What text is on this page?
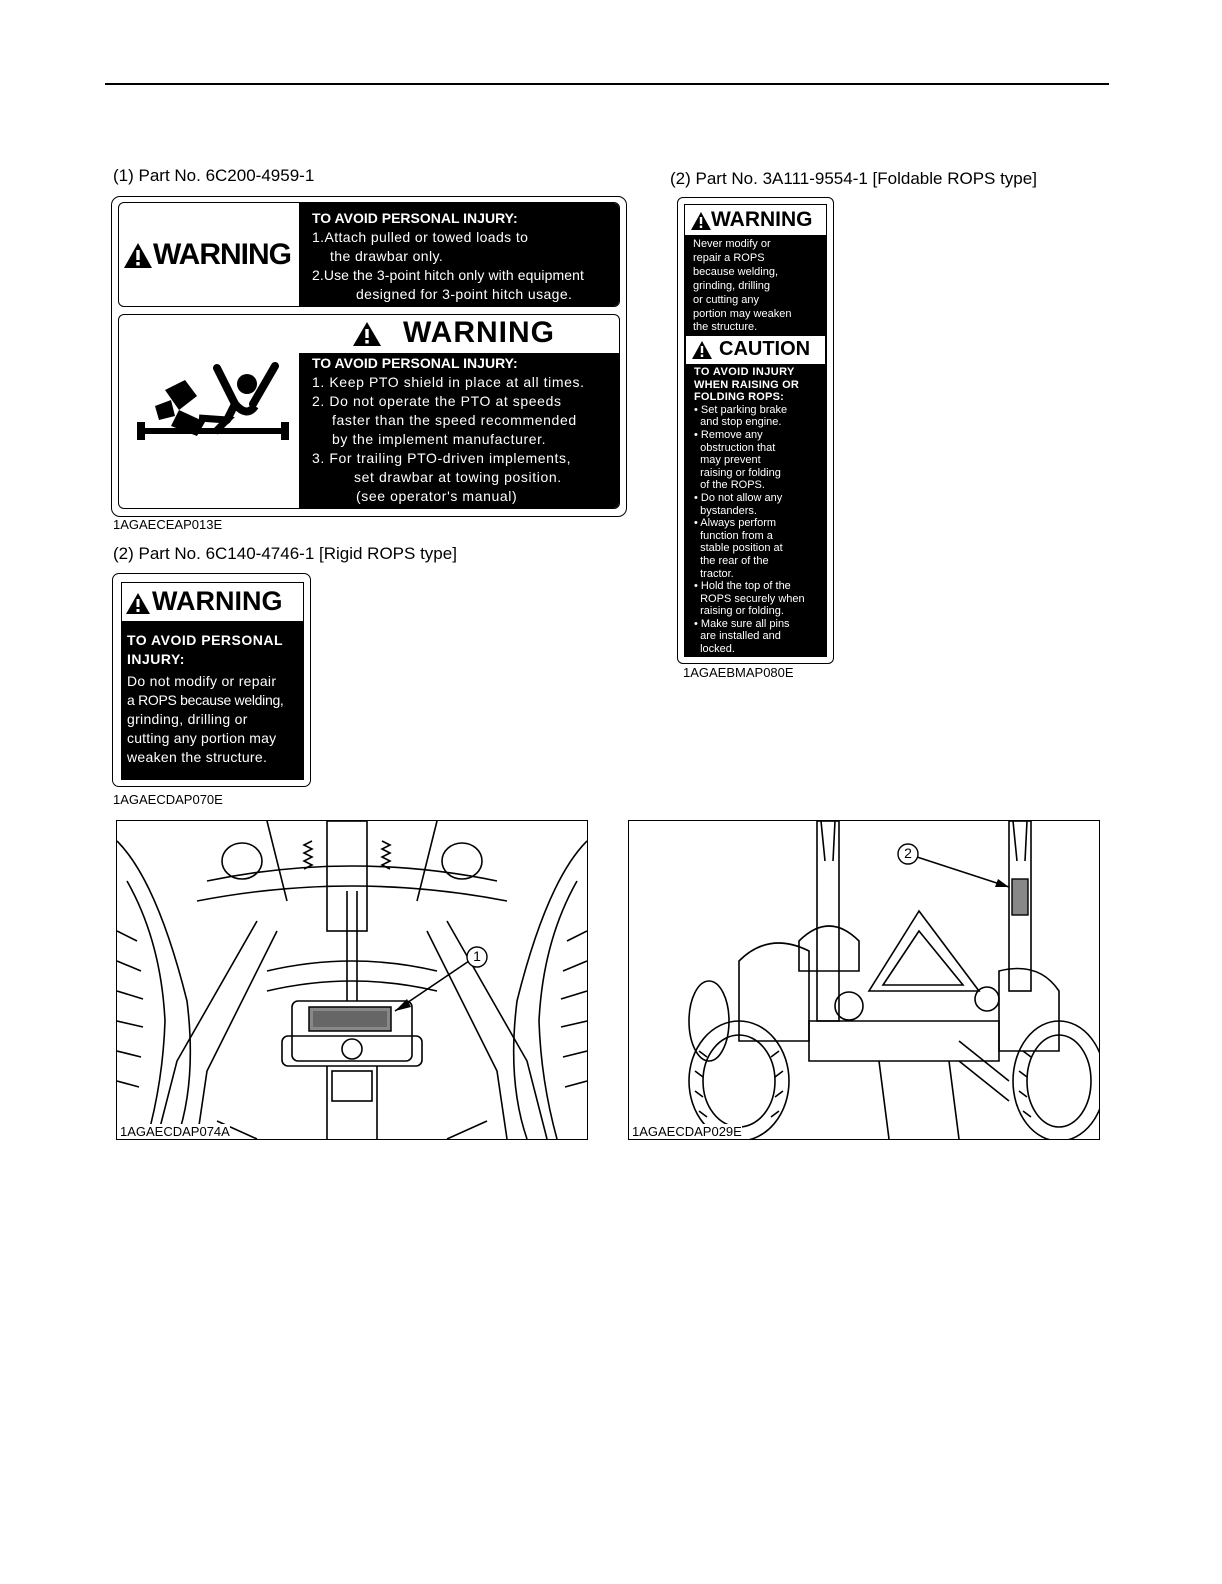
(1) Part No. 6C200-4959-1	(2) Part No. 3A111-9554-1 [Foldable ROPS type]
(2) Part No. 6C140-4746-1 [Rigid ROPS type]
WARNING
TO AVOID PERSONAL INJURY:
1.Attach pulled or towed loads to
the drawbar only.
2.Use the 3-point hitch only with equipment
designed for 3-point hitch usage.
WARNING
TO AVOID PERSONAL INJURY:
1. Keep PTO shield in place at all times.
2. Do not operate the PTO at speeds
faster than the speed recommended
by the implement manufacturer.
3. For trailing PTO-driven implements,
set drawbar at towing position.
(see operator's manual)
1AGAECEAP013E
WARNING
TO AVOID PERSONAL
INJURY:
Do not modify or repair
a ROPS because welding,
grinding, drilling or
cutting any portion may
weaken the structure.
1AGAECDAP070E
WARNING
Never modify or
repair a ROPS
because welding,
grinding, drilling
or cutting any
portion may weaken
the structure.
CAUTION
TO AVOID INJURY
WHEN RAISING OR
FOLDING ROPS:
• Set parking brake
and stop engine.
• Remove any
obstruction that
may prevent
raising or folding
of the ROPS.
• Do not allow any
bystanders.
• Always perform
function from a
stable position at
the rear of the
tractor.
• Hold the top of the
ROPS securely when
raising or folding.
• Make sure all pins
are installed and
locked.
1AGAEBMAP080E
1
1AGAECDAP074A
2
1AGAECDAP029E
